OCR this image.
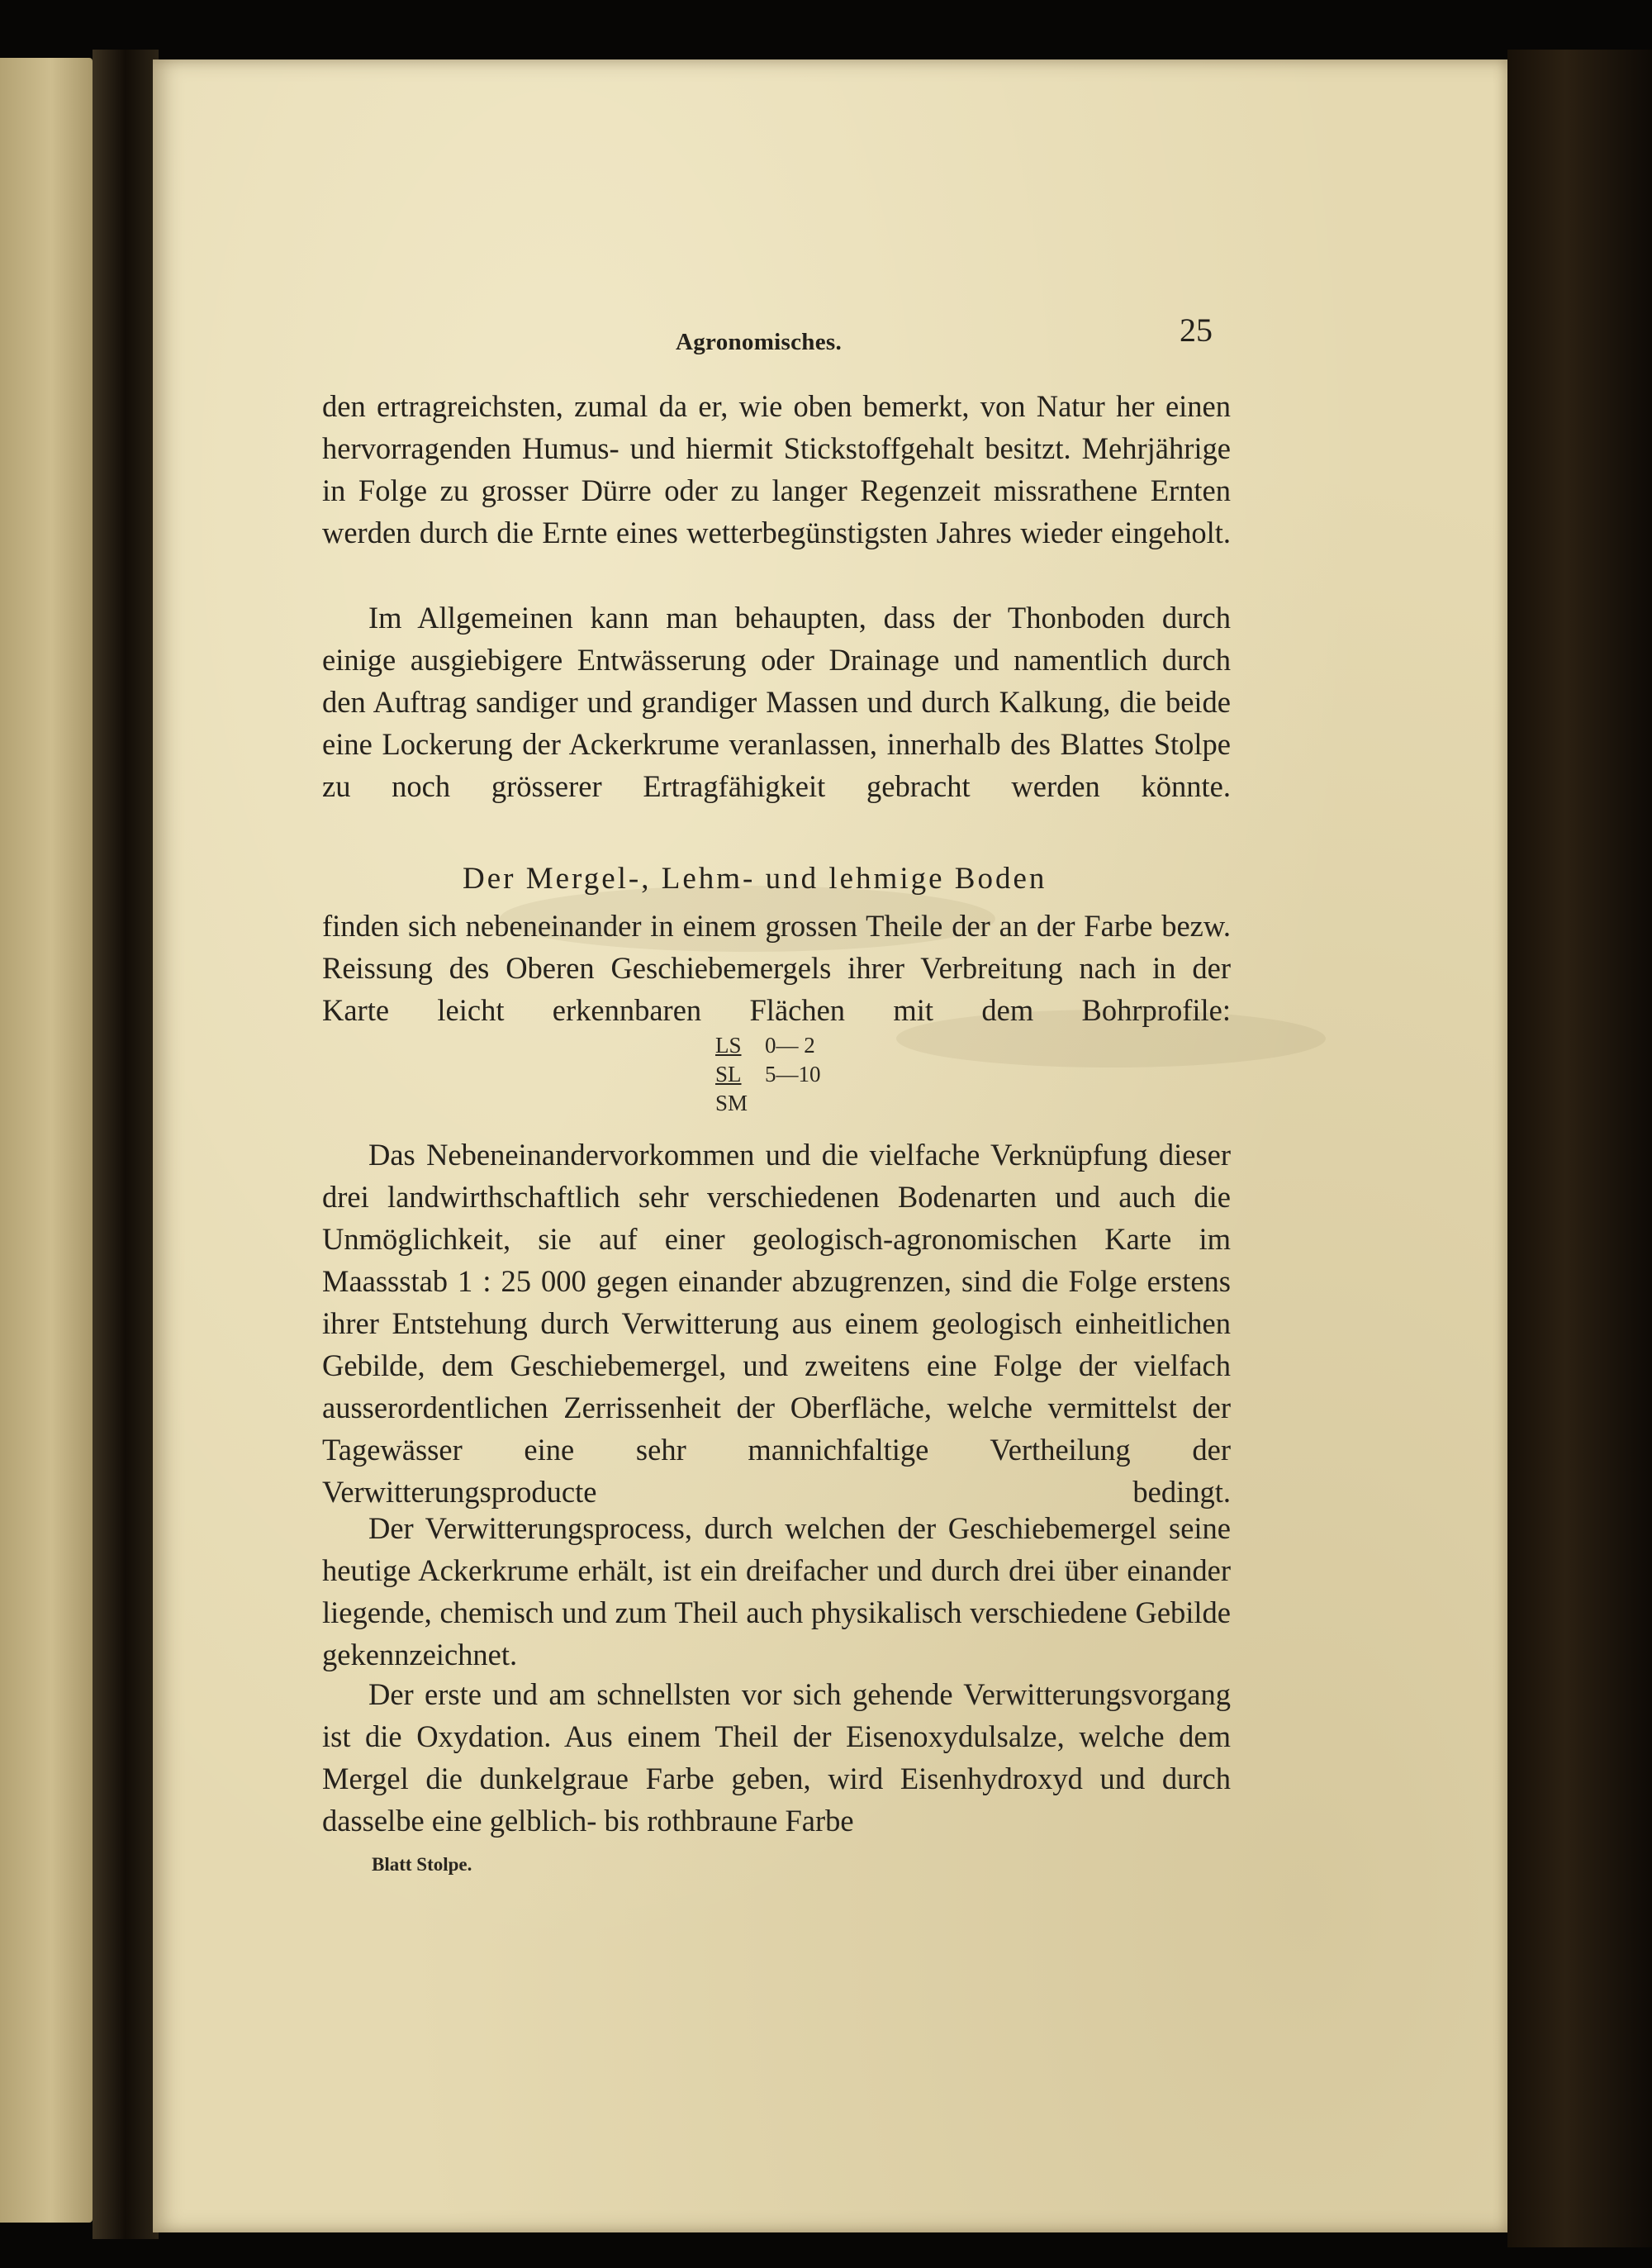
Agronomisches.	25

den ertragreichsten, zumal da er, wie oben bemerkt, von Natur her einen hervorragenden Humus- und hiermit Stickstoffgehalt besitzt. Mehrjährige in Folge zu grosser Dürre oder zu langer Regenzeit missrathene Ernten werden durch die Ernte eines wetterbegünstigsten Jahres wieder eingeholt.

Im Allgemeinen kann man behaupten, dass der Thonboden durch einige ausgiebigere Entwässerung oder Drainage und namentlich durch den Auftrag sandiger und grandiger Massen und durch Kalkung, die beide eine Lockerung der Ackerkrume veranlassen, innerhalb des Blattes Stolpe zu noch grösserer Ertragfähigkeit gebracht werden könnte.

Der Mergel-, Lehm- und lehmige Boden

finden sich nebeneinander in einem grossen Theile der an der Farbe bezw. Reissung des Oberen Geschiebemergels ihrer Verbreitung nach in der Karte leicht erkennbaren Flächen mit dem Bohrprofile:

LS	0— 2
SL	5—10
SM

Das Nebeneinandervorkommen und die vielfache Verknüpfung dieser drei landwirthschaftlich sehr verschiedenen Bodenarten und auch die Unmöglichkeit, sie auf einer geologisch-agronomischen Karte im Maassstab 1 : 25 000 gegen einander abzugrenzen, sind die Folge erstens ihrer Entstehung durch Verwitterung aus einem geologisch einheitlichen Gebilde, dem Geschiebemergel, und zweitens eine Folge der vielfach ausserordentlichen Zerrissenheit der Oberfläche, welche vermittelst der Tagewässer eine sehr mannichfaltige Vertheilung der Verwitterungsproducte bedingt.

Der Verwitterungsprocess, durch welchen der Geschiebemergel seine heutige Ackerkrume erhält, ist ein dreifacher und durch drei über einander liegende, chemisch und zum Theil auch physikalisch verschiedene Gebilde gekennzeichnet.

Der erste und am schnellsten vor sich gehende Verwitterungsvorgang ist die Oxydation. Aus einem Theil der Eisenoxydulsalze, welche dem Mergel die dunkelgraue Farbe geben, wird Eisenhydroxyd und durch dasselbe eine gelblich- bis rothbraune Farbe

Blatt Stolpe.
